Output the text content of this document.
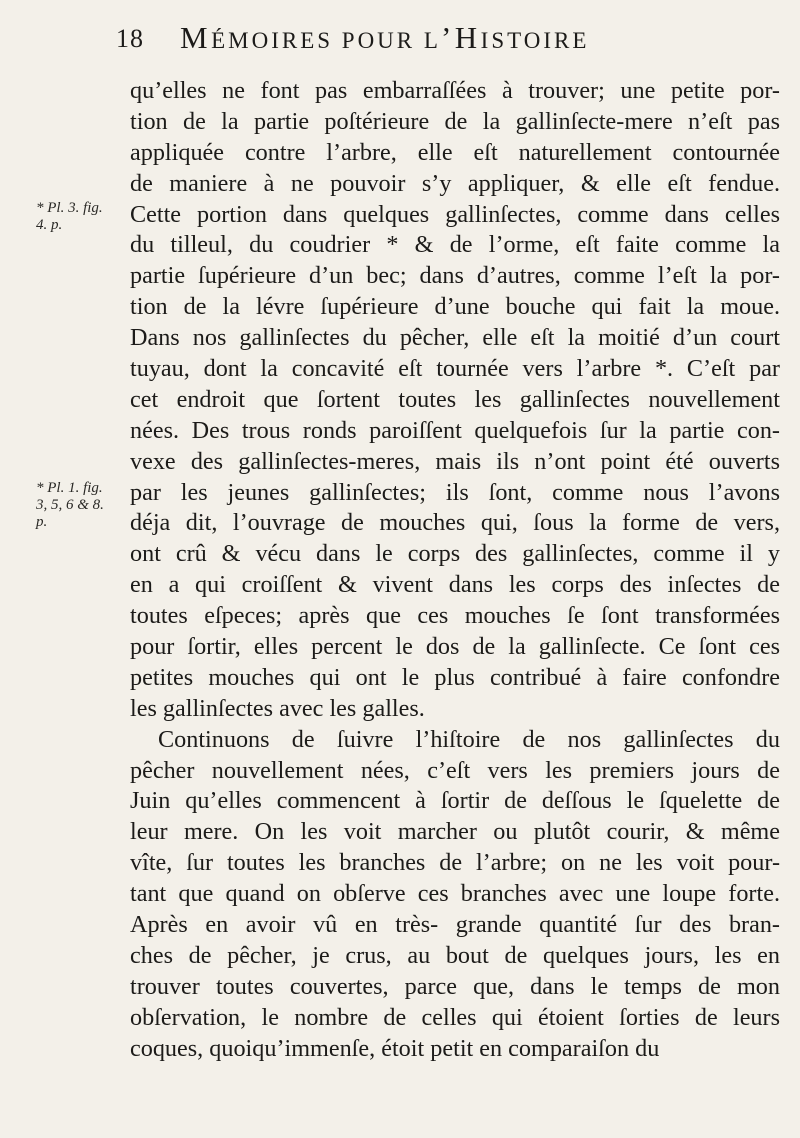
18 MÉMOIRES POUR L’HISTOIRE
* Pl. 3. fig.
4. p.
* Pl. 1. fig.
3, 5, 6 & 8.
p.
qu’elles ne font pas embarraſſées à trouver; une petite por-
tion de la partie poſtérieure de la gallinſecte-mere n’eſt pas
appliquée contre l’arbre, elle eſt naturellement contournée
de maniere à ne pouvoir s’y appliquer, & elle eſt fendue.
Cette portion dans quelques gallinſectes, comme dans celles
du tilleul, du coudrier * & de l’orme, eſt faite comme la
partie ſupérieure d’un bec; dans d’autres, comme l’eſt la por-
tion de la lévre ſupérieure d’une bouche qui fait la moue.
Dans nos gallinſectes du pêcher, elle eſt la moitié d’un court
tuyau, dont la concavité eſt tournée vers l’arbre *. C’eſt par
cet endroit que ſortent toutes les gallinſectes nouvellement
nées. Des trous ronds paroiſſent quelquefois ſur la partie con-
vexe des gallinſectes-meres, mais ils n’ont point été ouverts
par les jeunes gallinſectes; ils ſont, comme nous l’avons
déja dit, l’ouvrage de mouches qui, ſous la forme de vers,
ont crû & vécu dans le corps des gallinſectes, comme il y
en a qui croiſſent & vivent dans les corps des inſectes de
toutes eſpeces; après que ces mouches ſe ſont transformées
pour ſortir, elles percent le dos de la gallinſecte. Ce ſont ces
petites mouches qui ont le plus contribué à faire confondre
les gallinſectes avec les galles.
Continuons de ſuivre l’hiſtoire de nos gallinſectes du
pêcher nouvellement nées, c’eſt vers les premiers jours de
Juin qu’elles commencent à ſortir de deſſous le ſquelette de
leur mere. On les voit marcher ou plutôt courir, & même
vîte, ſur toutes les branches de l’arbre; on ne les voit pour-
tant que quand on obſerve ces branches avec une loupe forte.
Après en avoir vû en très- grande quantité ſur des bran-
ches de pêcher, je crus, au bout de quelques jours, les en
trouver toutes couvertes, parce que, dans le temps de mon
obſervation, le nombre de celles qui étoient ſorties de leurs
coques, quoiqu’immenſe, étoit petit en comparaiſon du
